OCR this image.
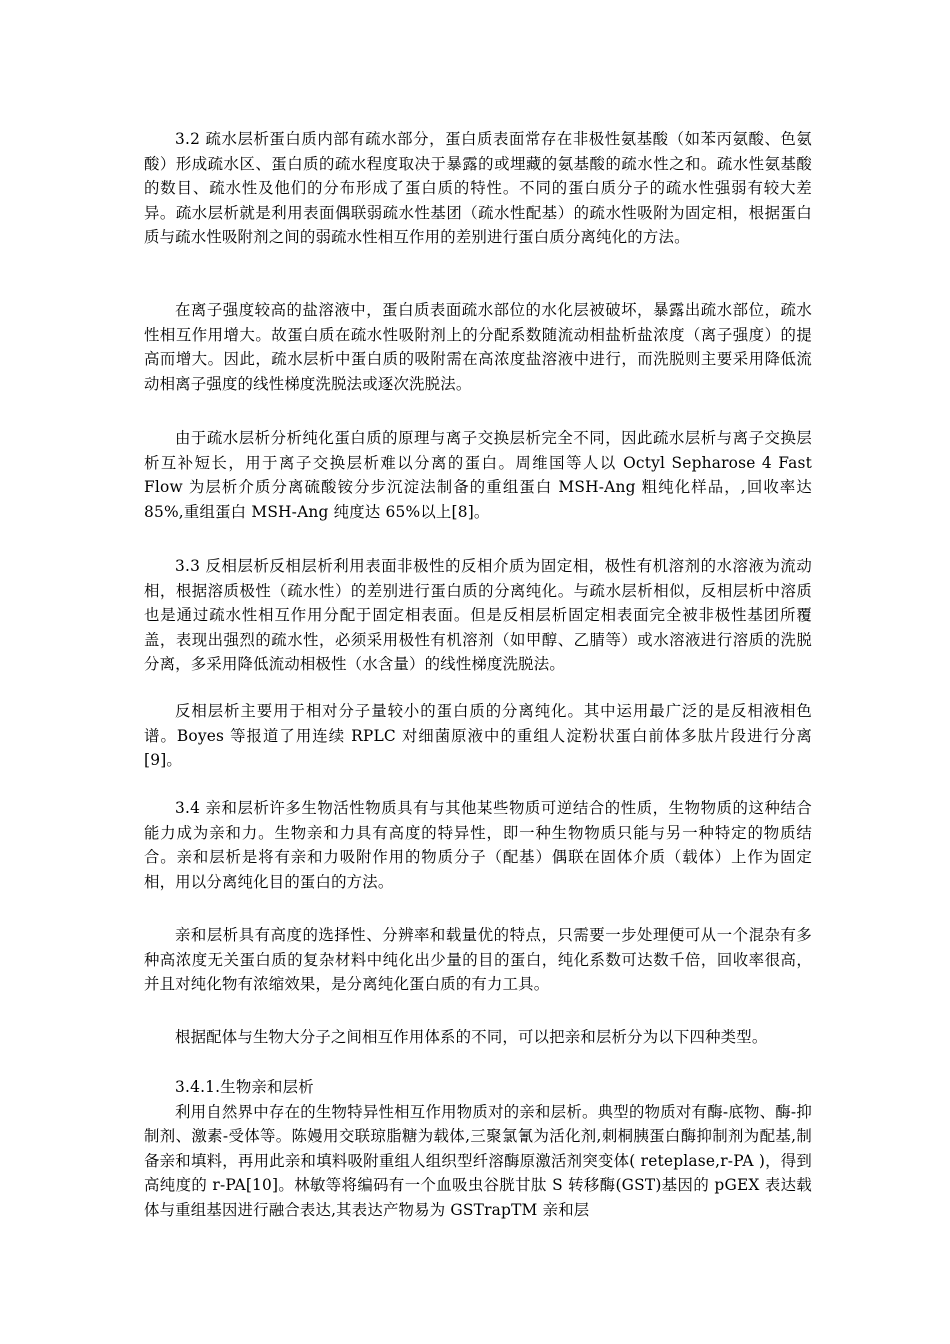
3.2 疏水层析蛋白质内部有疏水部分，蛋白质表面常存在非极性氨基酸（如苯丙氨酸、色氨酸）形成疏水区、蛋白质的疏水程度取决于暴露的或埋藏的氨基酸的疏水性之和。疏水性氨基酸的数目、疏水性及他们的分布形成了蛋白质的特性。不同的蛋白质分子的疏水性强弱有较大差异。疏水层析就是利用表面偶联弱疏水性基团（疏水性配基）的疏水性吸附为固定相，根据蛋白质与疏水性吸附剂之间的弱疏水性相互作用的差别进行蛋白质分离纯化的方法。

在离子强度较高的盐溶液中，蛋白质表面疏水部位的水化层被破坏，暴露出疏水部位，疏水性相互作用增大。故蛋白质在疏水性吸附剂上的分配系数随流动相盐析盐浓度（离子强度）的提高而增大。因此，疏水层析中蛋白质的吸附需在高浓度盐溶液中进行，而洗脱则主要采用降低流动相离子强度的线性梯度洗脱法或逐次洗脱法。

由于疏水层析分析纯化蛋白质的原理与离子交换层析完全不同，因此疏水层析与离子交换层析互补短长，用于离子交换层析难以分离的蛋白。周维国等人以 Octyl Sepharose 4 Fast Flow 为层析介质分离硫酸铵分步沉淀法制备的重组蛋白 MSH-Ang 粗纯化样品，,回收率达 85%,重组蛋白 MSH-Ang 纯度达 65%以上[8]。

3.3 反相层析反相层析利用表面非极性的反相介质为固定相，极性有机溶剂的水溶液为流动相，根据溶质极性（疏水性）的差别进行蛋白质的分离纯化。与疏水层析相似，反相层析中溶质也是通过疏水性相互作用分配于固定相表面。但是反相层析固定相表面完全被非极性基团所覆盖，表现出强烈的疏水性，必须采用极性有机溶剂（如甲醇、乙腈等）或水溶液进行溶质的洗脱分离，多采用降低流动相极性（水含量）的线性梯度洗脱法。

反相层析主要用于相对分子量较小的蛋白质的分离纯化。其中运用最广泛的是反相液相色谱。Boyes 等报道了用连续 RPLC 对细菌原液中的重组人淀粉状蛋白前体多肽片段进行分离[9]。

3.4 亲和层析许多生物活性物质具有与其他某些物质可逆结合的性质，生物物质的这种结合能力成为亲和力。生物亲和力具有高度的特异性，即一种生物物质只能与另一种特定的物质结合。亲和层析是将有亲和力吸附作用的物质分子（配基）偶联在固体介质（载体）上作为固定相，用以分离纯化目的蛋白的方法。

亲和层析具有高度的选择性、分辨率和载量优的特点，只需要一步处理便可从一个混杂有多种高浓度无关蛋白质的复杂材料中纯化出少量的目的蛋白，纯化系数可达数千倍，回收率很高，并且对纯化物有浓缩效果，是分离纯化蛋白质的有力工具。

根据配体与生物大分子之间相互作用体系的不同，可以把亲和层析分为以下四种类型。

3.4.1.生物亲和层析
利用自然界中存在的生物特异性相互作用物质对的亲和层析。典型的物质对有酶-底物、酶-抑制剂、激素-受体等。陈嫚用交联琼脂糖为载体,三聚氯氰为活化剂,刺桐胰蛋白酶抑制剂为配基,制备亲和填料，再用此亲和填料吸附重组人组织型纤溶酶原激活剂突变体( reteplase,r-PA )，得到高纯度的 r-PA[10]。林敏等将编码有一个血吸虫谷胱甘肽 S 转移酶(GST)基因的 pGEX 表达载体与重组基因进行融合表达,其表达产物易为 GSTrapTM 亲和层
